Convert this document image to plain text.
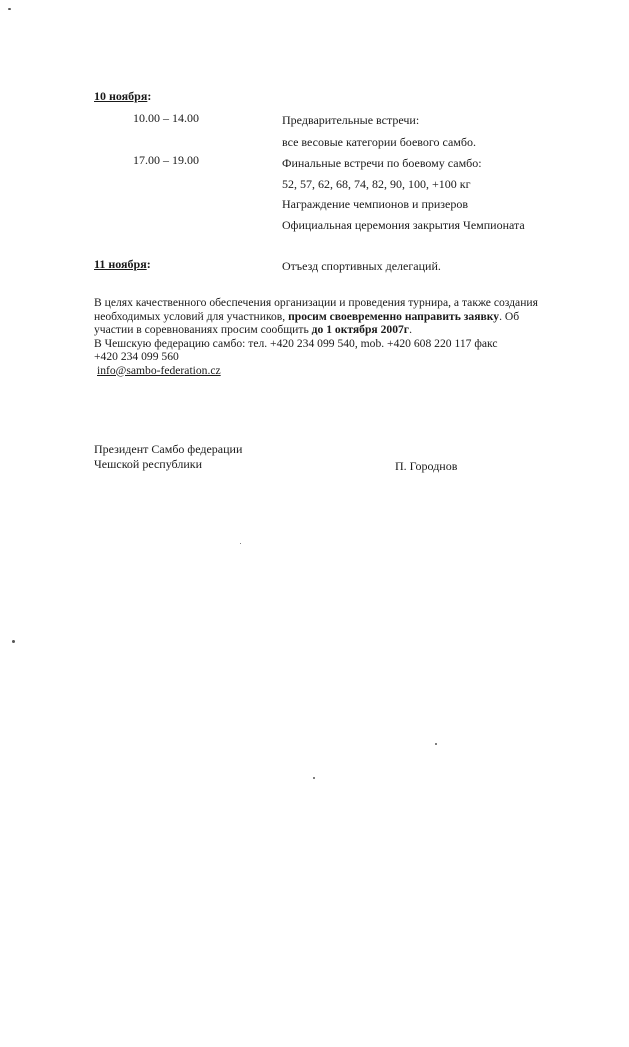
10 ноября:
10.00 – 14.00	Предварительные встречи:
все весовые категории боевого самбо.
17.00 – 19.00	Финальные встречи по боевому самбо:
52, 57, 62, 68, 74, 82, 90, 100, +100 кг
Награждение чемпионов и призеров
Официальная церемония закрытия Чемпионата
11 ноября:	Отъезд спортивных делегаций.
В целях качественного обеспечения организации и проведения турнира, а также создания
необходимых условий для участников, просим своевременно направить заявку. Об
участии в соревнованиях просим сообщить до 1 октября 2007г.
В Чешскую федерацию самбо: тел. +420 234 099 540, mob. +420 608 220 117 факс
+420 234 099 560
info@sambo-federation.cz
Президент Самбо федерации
Чешской республики	П. Городнов
